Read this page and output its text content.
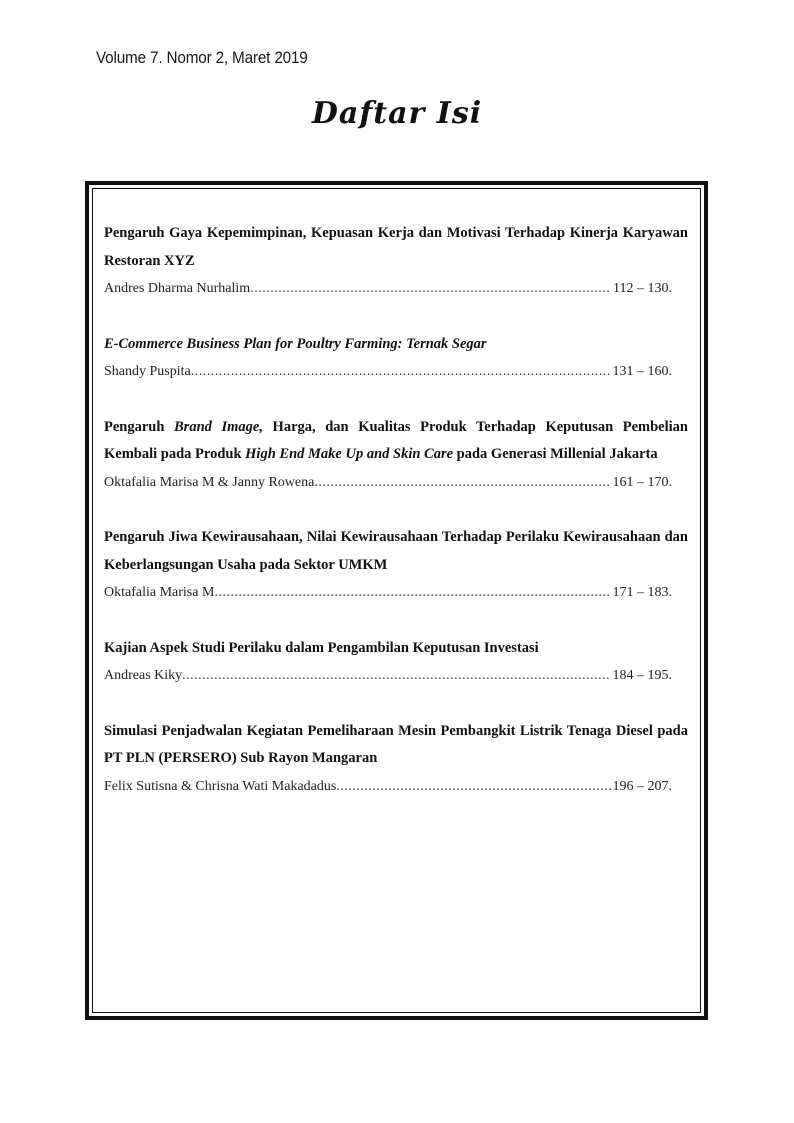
Volume 7. Nomor 2, Maret 2019
Daftar Isi
Pengaruh Gaya Kepemimpinan, Kepuasan Kerja dan Motivasi Terhadap Kinerja Karyawan Restoran XYZ
Andres Dharma Nurhalim .....	112 – 130.
E-Commerce Business Plan for Poultry Farming: Ternak Segar
Shandy Puspita .....	131 – 160.
Pengaruh Brand Image, Harga, dan Kualitas Produk Terhadap Keputusan Pembelian Kembali pada Produk High End Make Up and Skin Care pada Generasi Millenial Jakarta
Oktafalia Marisa M & Janny Rowena .....	161 – 170.
Pengaruh Jiwa Kewirausahaan, Nilai Kewirausahaan Terhadap Perilaku Kewirausahaan dan Keberlangsungan Usaha pada Sektor UMKM
Oktafalia Marisa M .....	171 – 183.
Kajian Aspek Studi Perilaku dalam Pengambilan Keputusan Investasi
Andreas Kiky .....	184 – 195.
Simulasi Penjadwalan Kegiatan Pemeliharaan Mesin Pembangkit Listrik Tenaga Diesel pada PT PLN (PERSERO) Sub Rayon Mangaran
Felix Sutisna & Chrisna Wati Makadadus .....	196 – 207.
